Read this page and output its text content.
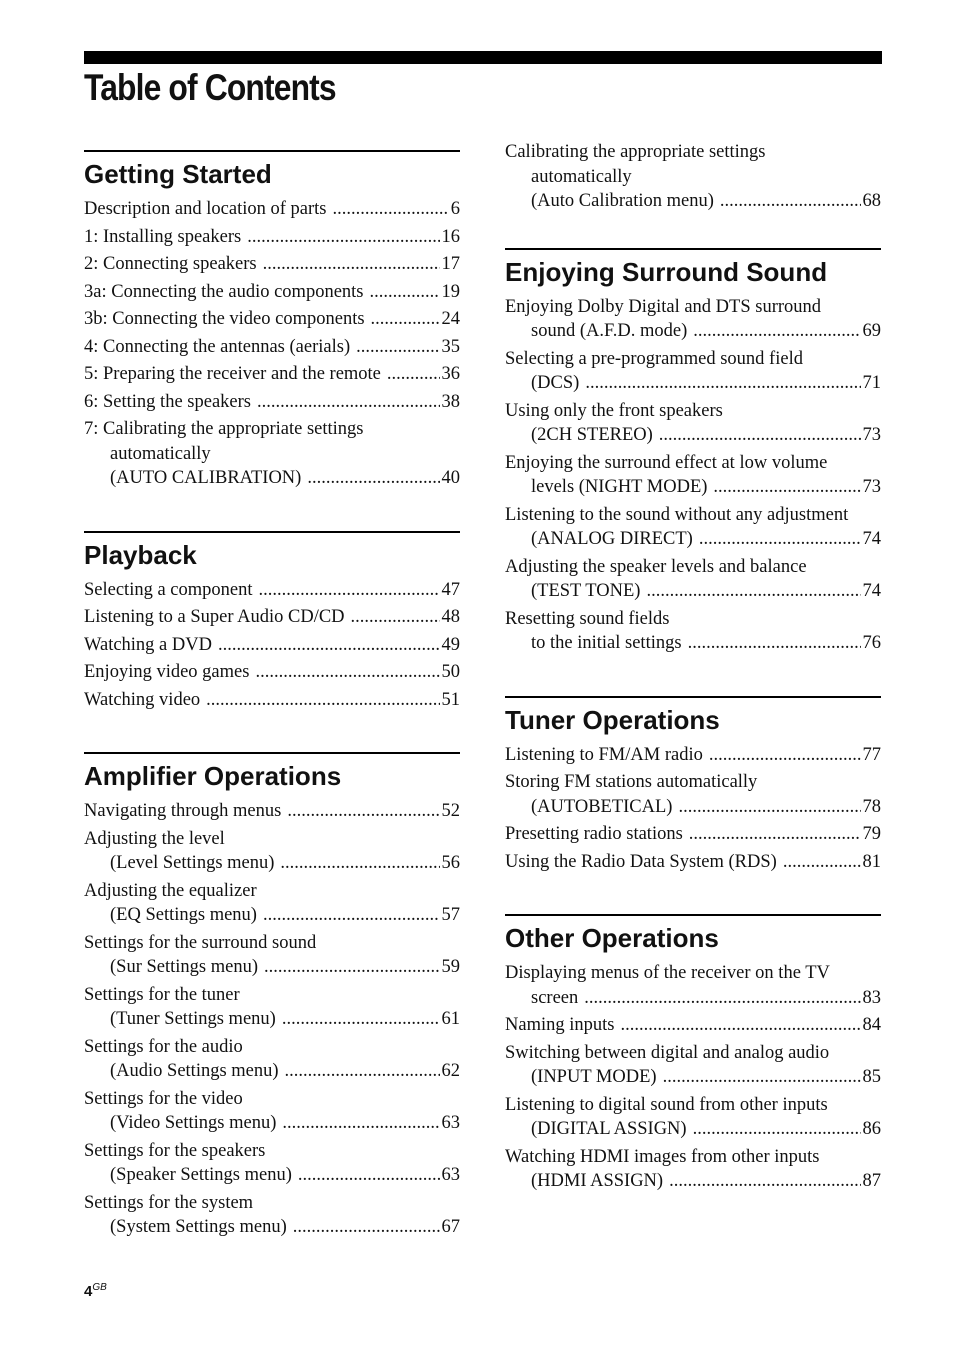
Table of Contents
Getting Started
Description and location of parts .....	6
1: Installing speakers .....	16
2: Connecting speakers .....	17
3a: Connecting the audio components .....	19
3b: Connecting the video components .....	24
4: Connecting the antennas (aerials) .....	35
5: Preparing the receiver and the remote .....	36
6: Setting the speakers .....	38
7: Calibrating the appropriate settings
automatically
(AUTO CALIBRATION) .....	40
Playback
Selecting a component .....	47
Listening to a Super Audio CD/CD .....	48
Watching a DVD .....	49
Enjoying video games .....	50
Watching video .....	51
Amplifier Operations
Navigating through menus .....	52
Adjusting the level
(Level Settings menu) .....	56
Adjusting the equalizer
(EQ Settings menu) .....	57
Settings for the surround sound
(Sur Settings menu) .....	59
Settings for the tuner
(Tuner Settings menu) .....	61
Settings for the audio
(Audio Settings menu) .....	62
Settings for the video
(Video Settings menu) .....	63
Settings for the speakers
(Speaker Settings menu) .....	63
Settings for the system
(System Settings menu) .....	67
Calibrating the appropriate settings
automatically
(Auto Calibration menu) .....	68
Enjoying Surround Sound
Enjoying Dolby Digital and DTS surround
sound (A.F.D. mode) .....	69
Selecting a pre-programmed sound field
(DCS) .....	71
Using only the front speakers
(2CH STEREO) .....	73
Enjoying the surround effect at low volume
levels (NIGHT MODE) .....	73
Listening to the sound without any adjustment
(ANALOG DIRECT) .....	74
Adjusting the speaker levels and balance
(TEST TONE) .....	74
Resetting sound fields
to the initial settings .....	76
Tuner Operations
Listening to FM/AM radio .....	77
Storing FM stations automatically
(AUTOBETICAL) .....	78
Presetting radio stations .....	79
Using the Radio Data System (RDS) .....	81
Other Operations
Displaying menus of the receiver on the TV
screen .....	83
Naming inputs .....	84
Switching between digital and analog audio
(INPUT MODE) .....	85
Listening to digital sound from other inputs
(DIGITAL ASSIGN) .....	86
Watching HDMI images from other inputs
(HDMI ASSIGN) .....	87
$4^{GB}$
